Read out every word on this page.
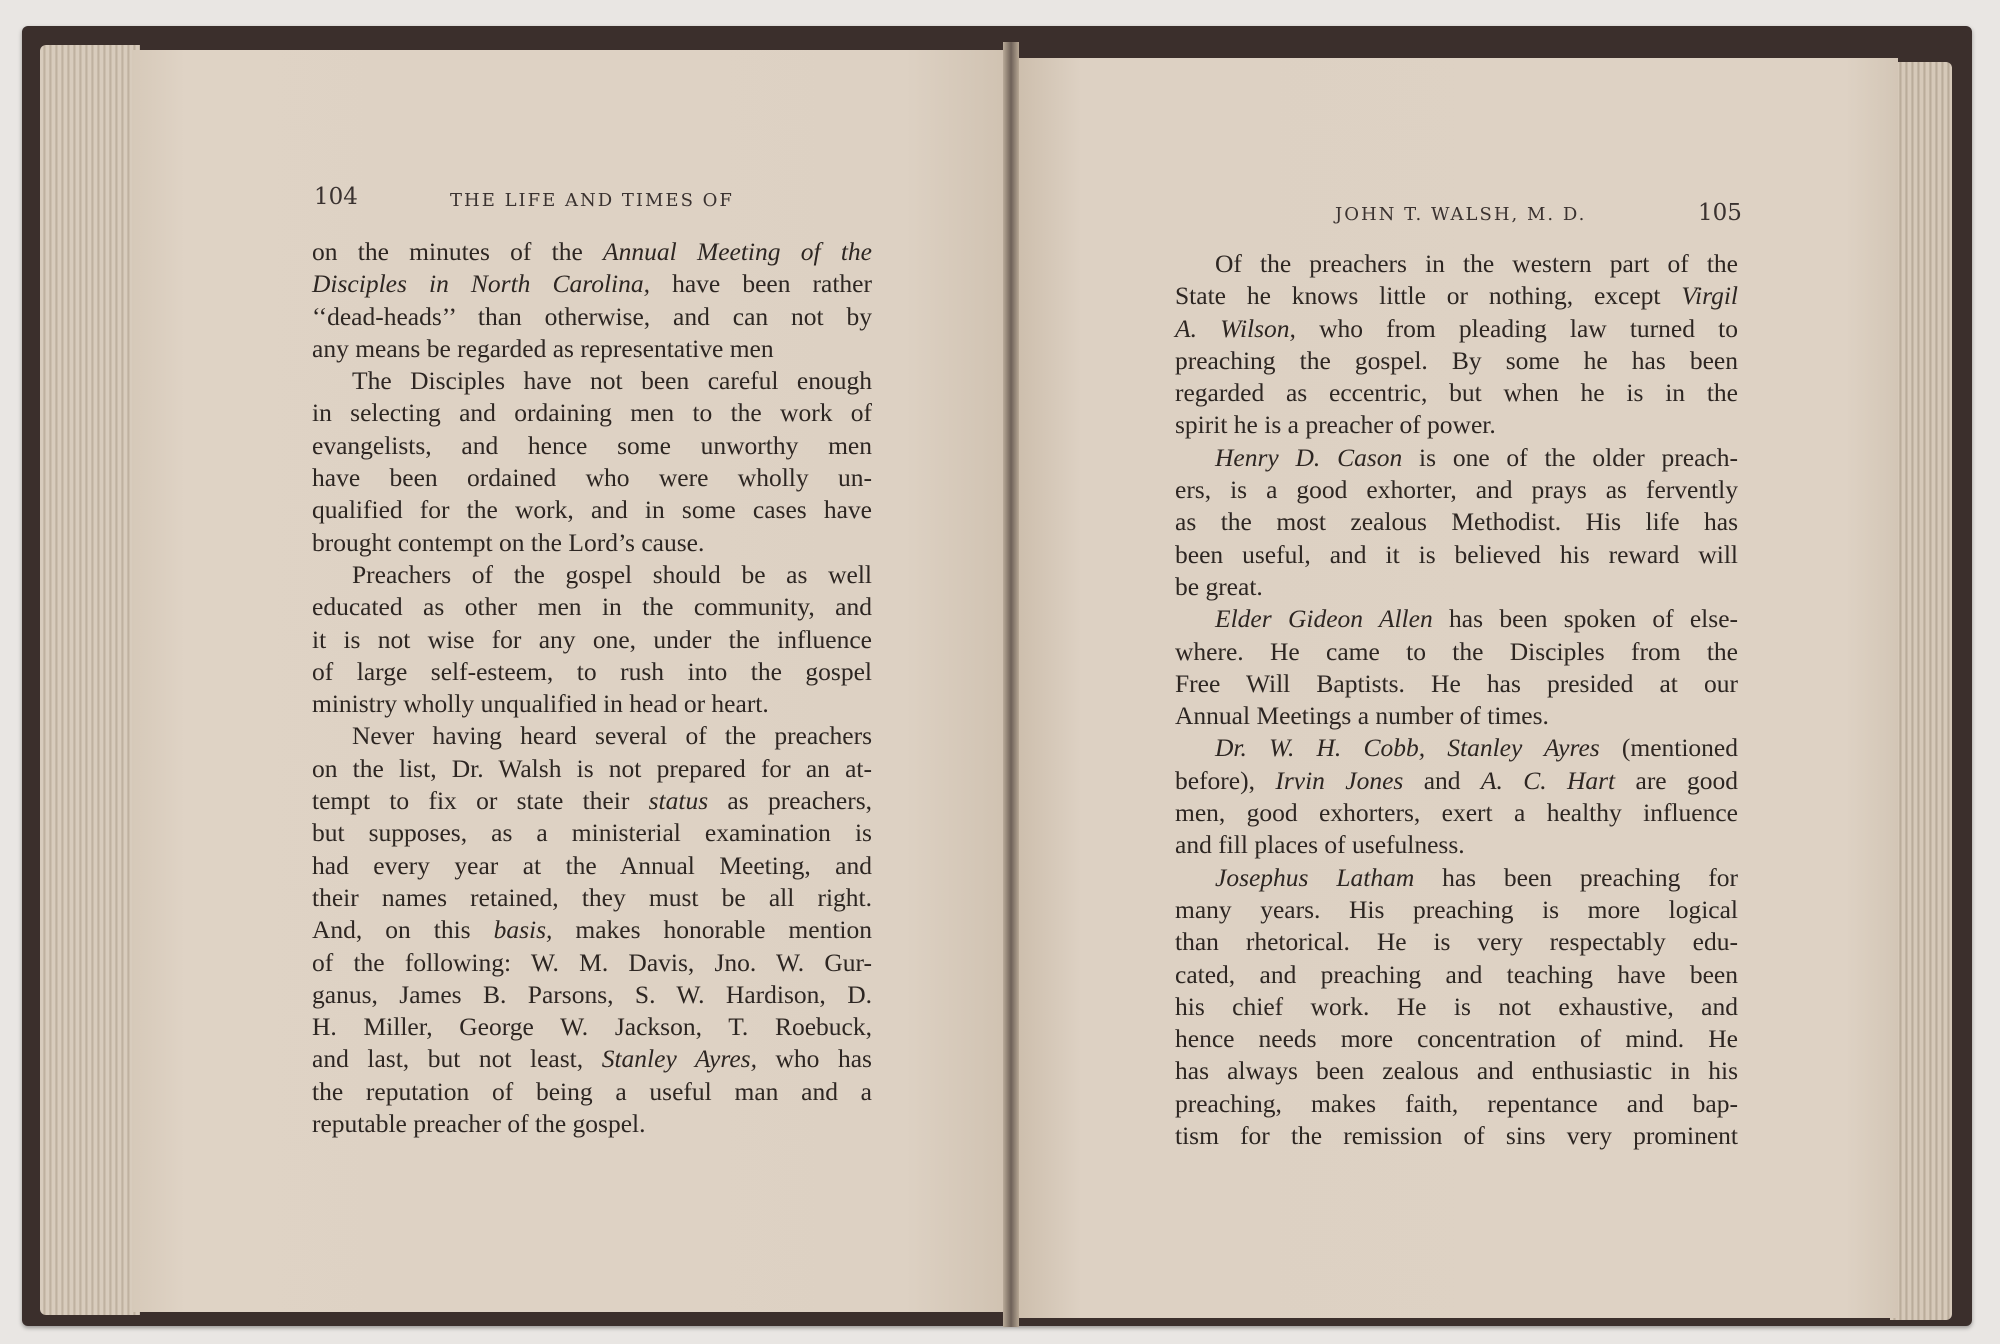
104	THE LIFE AND TIMES OF
on the minutes of the Annual Meeting of the
Disciples in North Carolina, have been rather
‘‘dead-heads’’ than otherwise, and can not by
any means be regarded as representative men
The Disciples have not been careful enough
in selecting and ordaining men to the work of
evangelists, and hence some unworthy men
have been ordained who were wholly un-
qualified for the work, and in some cases have
brought contempt on the Lord’s cause.
Preachers of the gospel should be as well
educated as other men in the community, and
it is not wise for any one, under the influence
of large self-esteem, to rush into the gospel
ministry wholly unqualified in head or heart.
Never having heard several of the preachers
on the list, Dr. Walsh is not prepared for an at-
tempt to fix or state their status as preachers,
but supposes, as a ministerial examination is
had every year at the Annual Meeting, and
their names retained, they must be all right.
And, on this basis, makes honorable mention
of the following: W. M. Davis, Jno. W. Gur-
ganus, James B. Parsons, S. W. Hardison, D.
H. Miller, George W. Jackson, T. Roebuck,
and last, but not least, Stanley Ayres, who has
the reputation of being a useful man and a
reputable preacher of the gospel.
JOHN T. WALSH, M. D.	105
Of the preachers in the western part of the
State he knows little or nothing, except Virgil
A. Wilson, who from pleading law turned to
preaching the gospel. By some he has been
regarded as eccentric, but when he is in the
spirit he is a preacher of power.
Henry D. Cason is one of the older preach-
ers, is a good exhorter, and prays as fervently
as the most zealous Methodist. His life has
been useful, and it is believed his reward will
be great.
Elder Gideon Allen has been spoken of else-
where. He came to the Disciples from the
Free Will Baptists. He has presided at our
Annual Meetings a number of times.
Dr. W. H. Cobb, Stanley Ayres (mentioned
before), Irvin Jones and A. C. Hart are good
men, good exhorters, exert a healthy influence
and fill places of usefulness.
Josephus Latham has been preaching for
many years. His preaching is more logical
than rhetorical. He is very respectably edu-
cated, and preaching and teaching have been
his chief work. He is not exhaustive, and
hence needs more concentration of mind. He
has always been zealous and enthusiastic in his
preaching, makes faith, repentance and bap-
tism for the remission of sins very prominent
